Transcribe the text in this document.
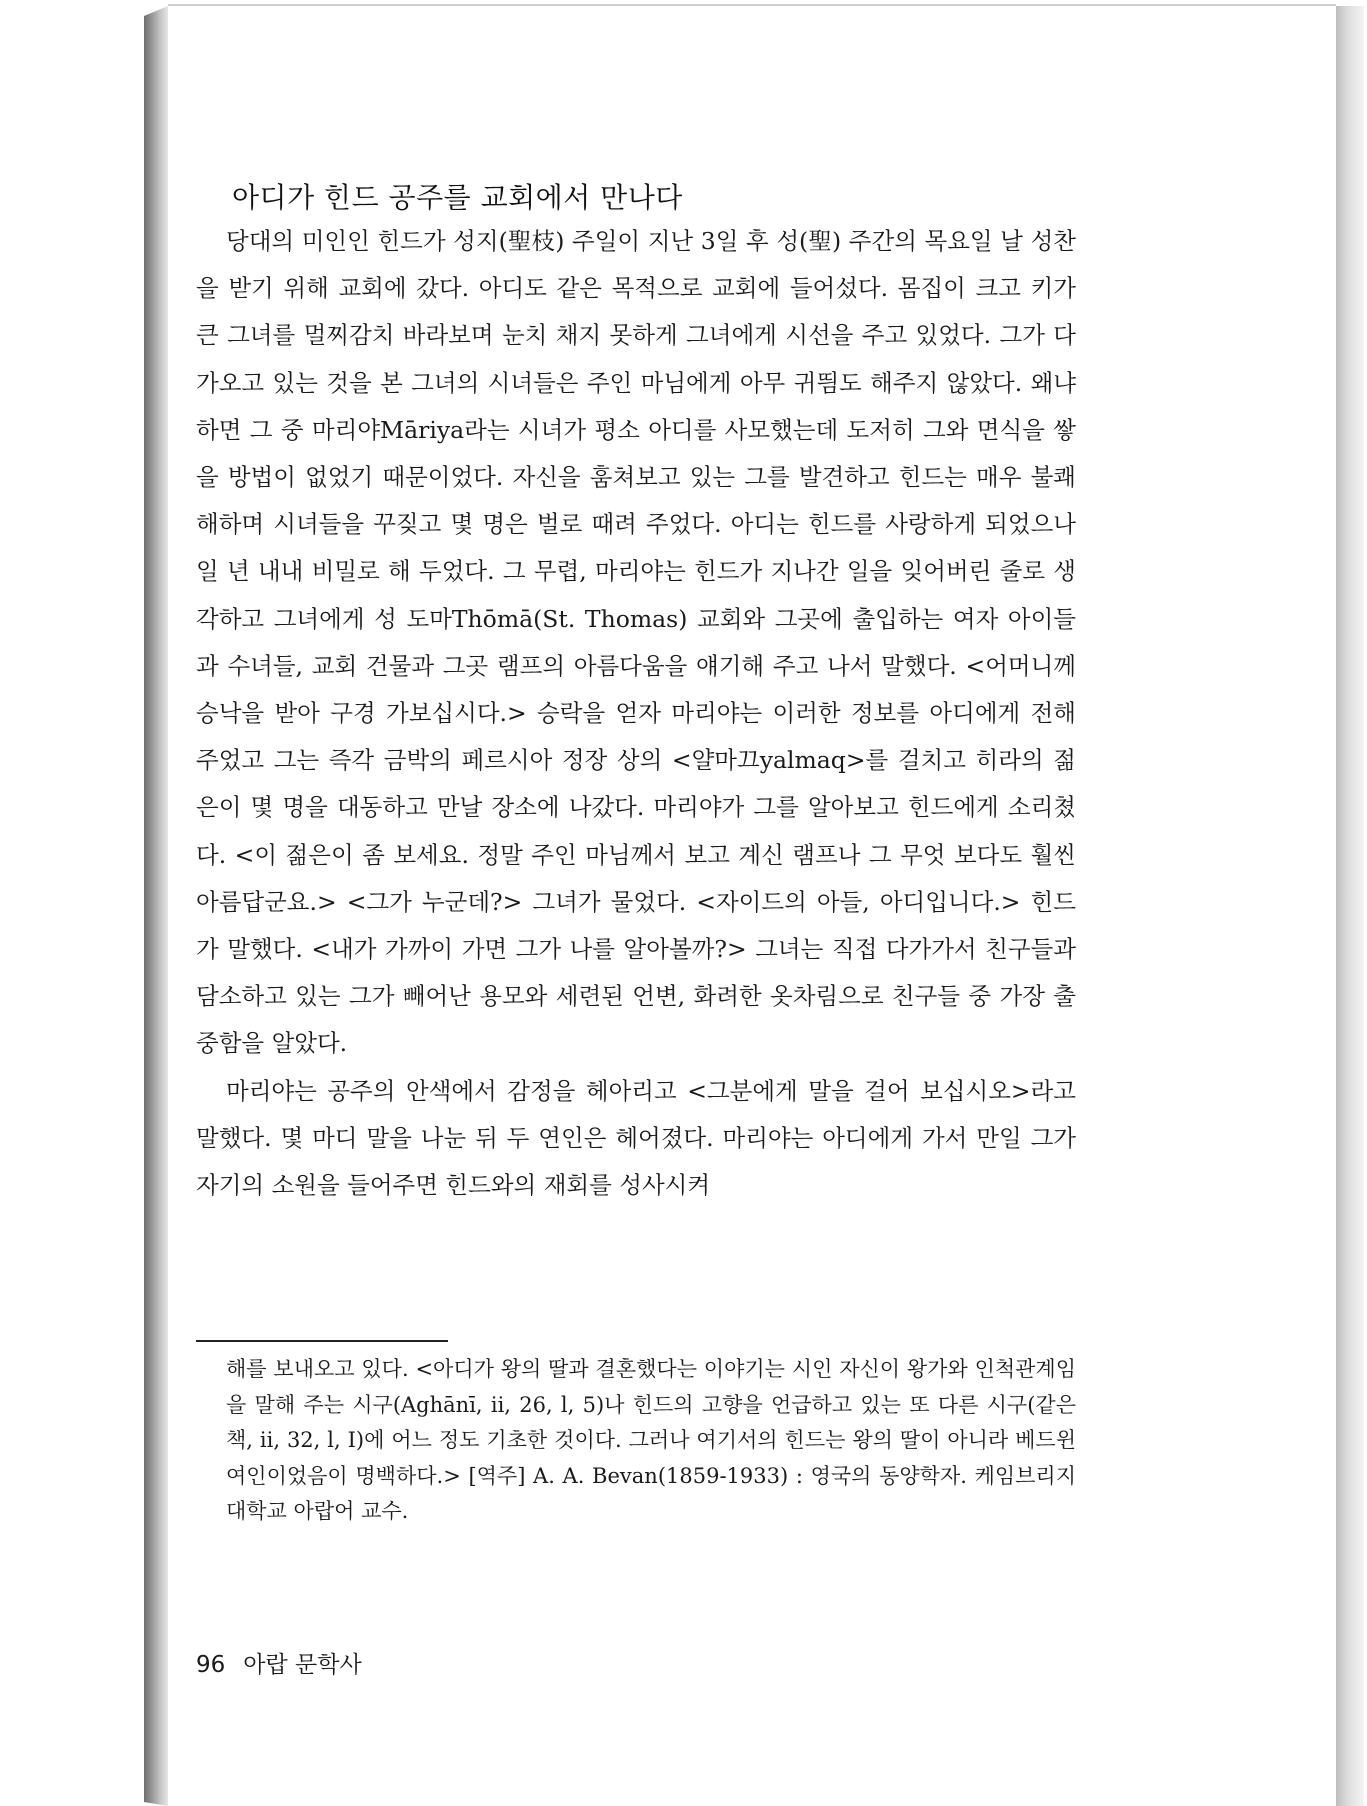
아디가 힌드 공주를 교회에서 만나다

당대의 미인인 힌드가 성지(聖枝) 주일이 지난 3일 후 성(聖) 주간의 목요일 날 성찬을 받기 위해 교회에 갔다. 아디도 같은 목적으로 교회에 들어섰다. 몸집이 크고 키가 큰 그녀를 멀찌감치 바라보며 눈치 채지 못하게 그녀에게 시선을 주고 있었다. 그가 다가오고 있는 것을 본 그녀의 시녀들은 주인 마님에게 아무 귀띔도 해주지 않았다. 왜냐하면 그 중 마리야Māriya라는 시녀가 평소 아디를 사모했는데 도저히 그와 면식을 쌓을 방법이 없었기 때문이었다. 자신을 훔쳐보고 있는 그를 발견하고 힌드는 매우 불쾌해하며 시녀들을 꾸짖고 몇 명은 벌로 때려 주었다. 아디는 힌드를 사랑하게 되었으나 일 년 내내 비밀로 해 두었다. 그 무렵, 마리야는 힌드가 지나간 일을 잊어버린 줄로 생각하고 그녀에게 성 도마Thōmā(St. Thomas) 교회와 그곳에 출입하는 여자 아이들과 수녀들, 교회 건물과 그곳 램프의 아름다움을 얘기해 주고 나서 말했다. <어머니께 승낙을 받아 구경 가보십시다.> 승락을 얻자 마리야는 이러한 정보를 아디에게 전해 주었고 그는 즉각 금박의 페르시아 정장 상의 <얄마끄yalmaq>를 걸치고 히라의 젊은이 몇 명을 대동하고 만날 장소에 나갔다. 마리야가 그를 알아보고 힌드에게 소리쳤다. <이 젊은이 좀 보세요. 정말 주인 마님께서 보고 계신 램프나 그 무엇 보다도 훨씬 아름답군요.> <그가 누군데?> 그녀가 물었다. <자이드의 아들, 아디입니다.> 힌드가 말했다. <내가 가까이 가면 그가 나를 알아볼까?> 그녀는 직접 다가가서 친구들과 담소하고 있는 그가 빼어난 용모와 세련된 언변, 화려한 옷차림으로 친구들 중 가장 출중함을 알았다.

마리야는 공주의 안색에서 감정을 헤아리고 <그분에게 말을 걸어 보십시오>라고 말했다. 몇 마디 말을 나눈 뒤 두 연인은 헤어졌다. 마리야는 아디에게 가서 만일 그가 자기의 소원을 들어주면 힌드와의 재회를 성사시켜

해를 보내오고 있다. <아디가 왕의 딸과 결혼했다는 이야기는 시인 자신이 왕가와 인척관계임을 말해 주는 시구(Aghānī, ii, 26, l, 5)나 힌드의 고향을 언급하고 있는 또 다른 시구(같은 책, ii, 32, l, I)에 어느 정도 기초한 것이다. 그러나 여기서의 힌드는 왕의 딸이 아니라 베드윈 여인이었음이 명백하다.> [역주] A. A. Bevan(1859-1933) : 영국의 동양학자. 케임브리지 대학교 아랍어 교수.

96 아랍 문학사
